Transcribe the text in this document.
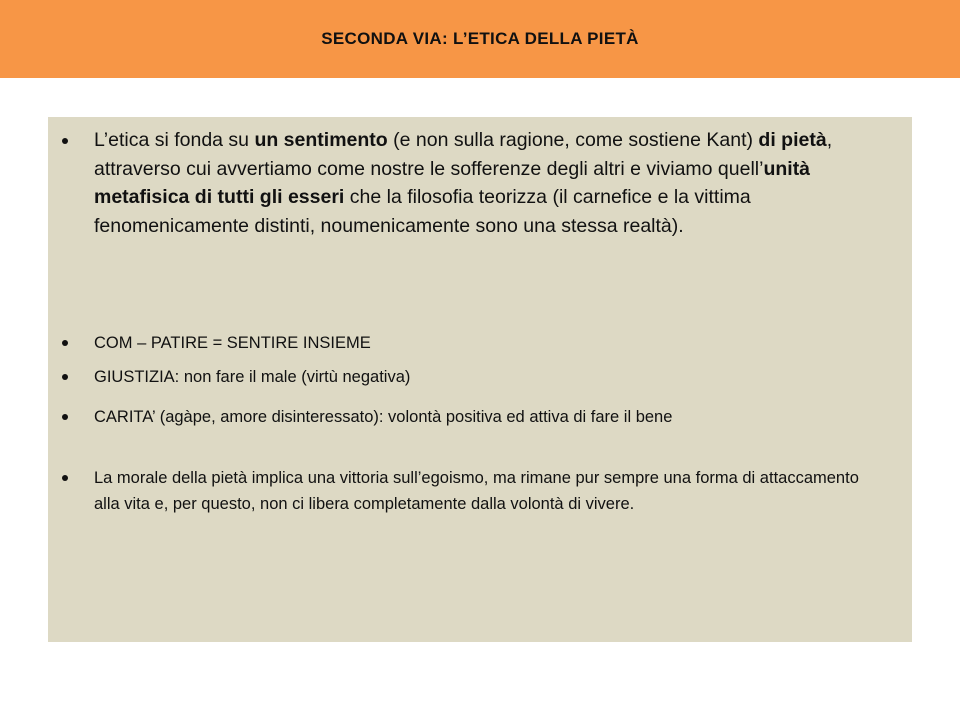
SECONDA VIA: L’ETICA DELLA PIETÀ
L’etica si fonda su un sentimento (e non sulla ragione, come sostiene Kant) di pietà, attraverso cui avvertiamo come nostre le sofferenze degli altri e viviamo quell’unità metafisica di tutti gli esseri che la filosofia teorizza (il carnefice e la vittima fenomenicamente distinti, noumenicamente sono una stessa realtà).
COM – PATIRE = SENTIRE INSIEME
GIUSTIZIA: non fare il male (virtù negativa)
CARITA’ (agàpe, amore disinteressato): volontà positiva ed attiva di fare il bene
La morale della pietà implica una vittoria sull’egoismo, ma rimane pur sempre una forma di attaccamento alla vita e, per questo, non ci libera completamente dalla volontà di vivere.
